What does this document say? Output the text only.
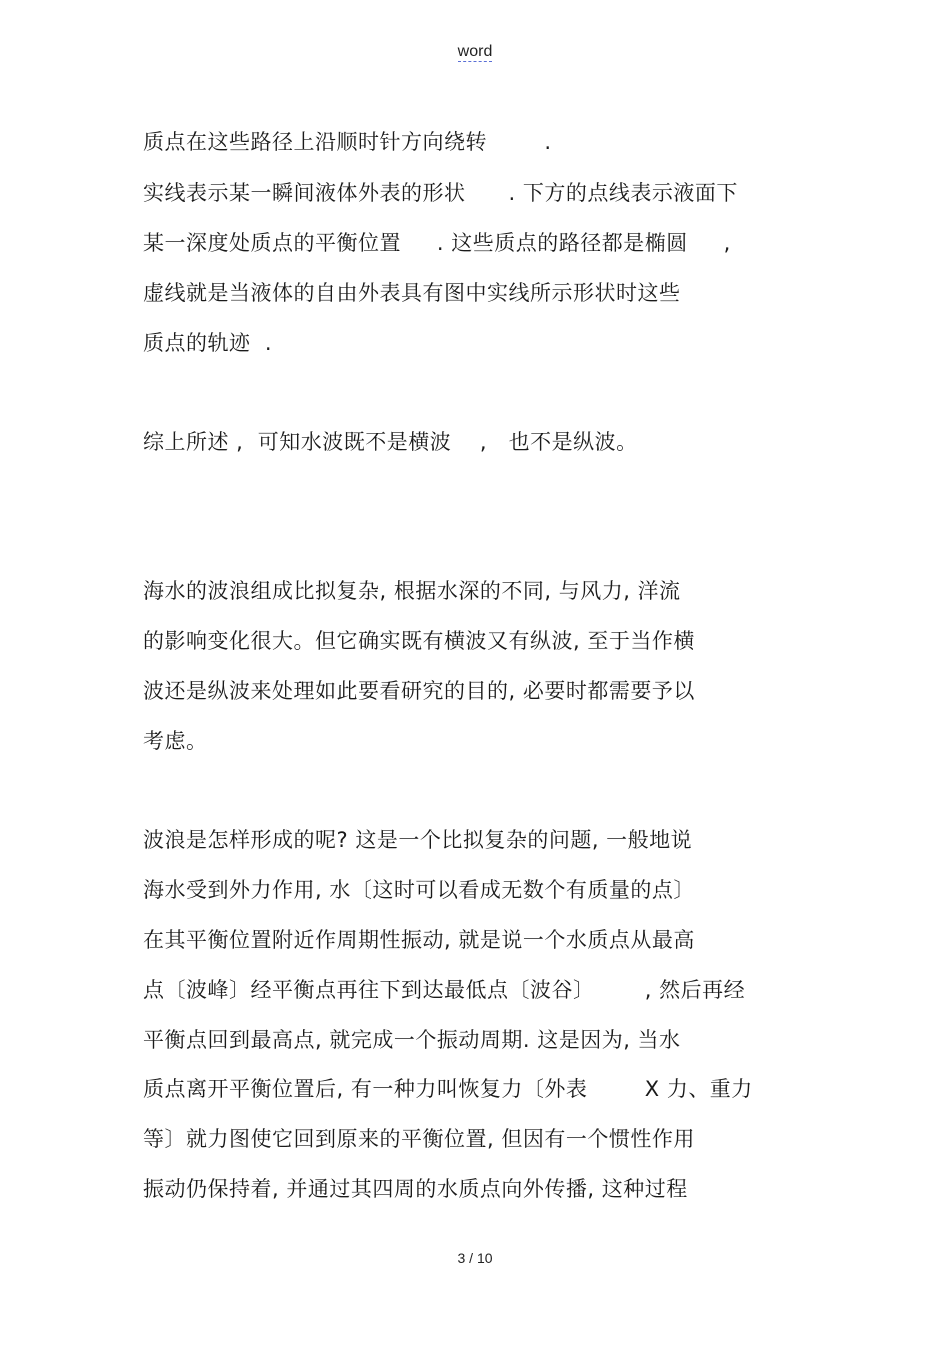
word
质点在这些路径上沿顺时针方向绕转        .
实线表示某一瞬间液体外表的形状      . 下方的点线表示液面下
某一深度处质点的平衡位置     . 这些质点的路径都是椭圆     ,
虚线就是当液体的自由外表具有图中实线所示形状时这些
质点的轨迹  .
综上所述 ,  可知水波既不是横波    ,   也不是纵波。
海水的波浪组成比拟复杂, 根据水深的不同, 与风力, 洋流
的影响变化很大。但它确实既有横波又有纵波, 至于当作横
波还是纵波来处理如此要看研究的目的, 必要时都需要予以
考虑。
波浪是怎样形成的呢? 这是一个比拟复杂的问题, 一般地说
海水受到外力作用, 水〔这时可以看成无数个有质量的点〕
在其平衡位置附近作周期性振动, 就是说一个水质点从最高
点〔波峰〕经平衡点再往下到达最低点〔波谷〕       , 然后再经
平衡点回到最高点, 就完成一个振动周期. 这是因为, 当水
质点离开平衡位置后, 有一种力叫恢复力〔外表        X 力、重力
等〕就力图使它回到原来的平衡位置, 但因有一个惯性作用
振动仍保持着, 并通过其四周的水质点向外传播, 这种过程
3 / 10
